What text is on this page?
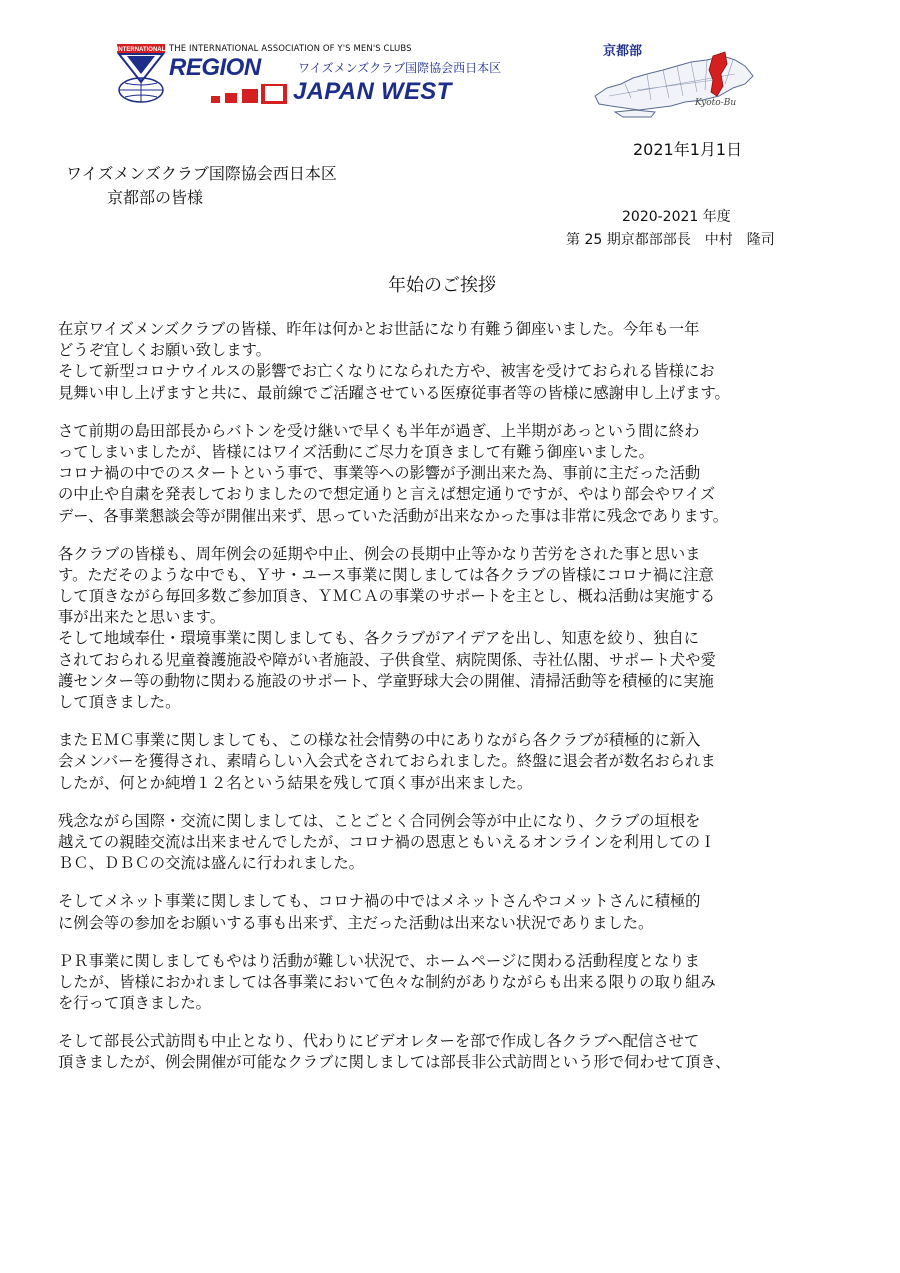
INTERNATIONAL THE INTERNATIONAL ASSOCIATION OF Y'S MEN'S CLUBS
REGION	ワイズメンズクラブ国際協会西日本区
JAPAN WEST
京都部
Kyoto-Bu
2021年1月1日
ワイズメンズクラブ国際協会西日本区
京都部の皆様
2020-2021 年度
第 25 期京都部部長　中村　隆司
年始のご挨拶
在京ワイズメンズクラブの皆様、昨年は何かとお世話になり有難う御座いました。今年も一年
どうぞ宜しくお願い致します。
そして新型コロナウイルスの影響でお亡くなりになられた方や、被害を受けておられる皆様にお
見舞い申し上げますと共に、最前線でご活躍させている医療従事者等の皆様に感謝申し上げます。
さて前期の島田部長からバトンを受け継いで早くも半年が過ぎ、上半期があっという間に終わ
ってしまいましたが、皆様にはワイズ活動にご尽力を頂きまして有難う御座いました。
コロナ禍の中でのスタートという事で、事業等への影響が予測出来た為、事前に主だった活動
の中止や自粛を発表しておりましたので想定通りと言えば想定通りですが、やはり部会やワイズ
デー、各事業懇談会等が開催出来ず、思っていた活動が出来なかった事は非常に残念であります。
各クラブの皆様も、周年例会の延期や中止、例会の長期中止等かなり苦労をされた事と思いま
す。ただそのような中でも、Ｙサ・ユース事業に関しましては各クラブの皆様にコロナ禍に注意
して頂きながら毎回多数ご参加頂き、ＹＭＣＡの事業のサポートを主とし、概ね活動は実施する
事が出来たと思います。
そして地域奉仕・環境事業に関しましても、各クラブがアイデアを出し、知恵を絞り、独自に
されておられる児童養護施設や障がい者施設、子供食堂、病院関係、寺社仏閣、サポート犬や愛
護センター等の動物に関わる施設のサポート、学童野球大会の開催、清掃活動等を積極的に実施
して頂きました。
またＥＭＣ事業に関しましても、この様な社会情勢の中にありながら各クラブが積極的に新入
会メンバーを獲得され、素晴らしい入会式をされておられました。終盤に退会者が数名おられま
したが、何とか純増１２名という結果を残して頂く事が出来ました。
残念ながら国際・交流に関しましては、ことごとく合同例会等が中止になり、クラブの垣根を
越えての親睦交流は出来ませんでしたが、コロナ禍の恩恵ともいえるオンラインを利用してのＩ
ＢＣ、ＤＢＣの交流は盛んに行われました。
そしてメネット事業に関しましても、コロナ禍の中ではメネットさんやコメットさんに積極的
に例会等の参加をお願いする事も出来ず、主だった活動は出来ない状況でありました。
ＰＲ事業に関しましてもやはり活動が難しい状況で、ホームページに関わる活動程度となりま
したが、皆様におかれましては各事業において色々な制約がありながらも出来る限りの取り組み
を行って頂きました。
そして部長公式訪問も中止となり、代わりにビデオレターを部で作成し各クラブへ配信させて
頂きましたが、例会開催が可能なクラブに関しましては部長非公式訪問という形で伺わせて頂き、
